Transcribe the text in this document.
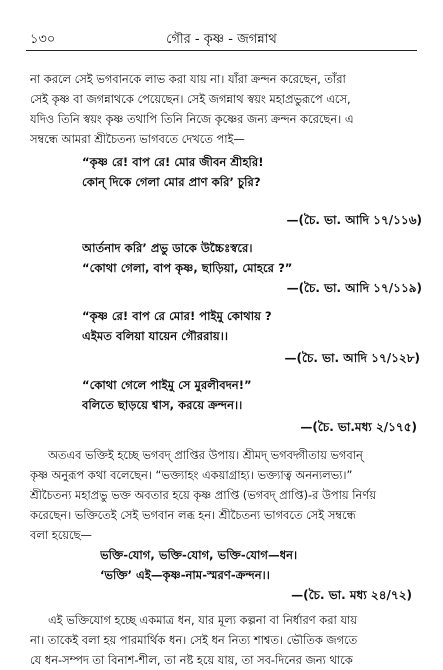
১৩০	গৌর - কৃষ্ণ - জগন্নাথ
না করলে সেই ভগবানকে লাভ করা যায় না। যাঁরা ক্রন্দন করেছেন, তাঁরা
সেই কৃষ্ণ বা জগন্নাথকে পেয়েছেন। সেই জগন্নাথ স্বয়ং মহাপ্রভুরূপে এসে,
যদিও তিনি স্বয়ং কৃষ্ণ তথাপি তিনি নিজে কৃষ্ণের জন্য ক্রন্দন করেছেন। এ
সম্বন্ধে আমরা শ্রীচৈতন্য ভাগবতে দেখতে পাই—
“কৃষ্ণ রে! বাপ রে! মোর জীবন শ্রীহরি!
কোন্ দিকে গেলা মোর প্রাণ করি’ চুরি?
—(চৈ. ভা. আদি ১৭/১১৬)
আর্তনাদ করি’ প্রভু ডাকে উচ্চৈঃস্বরে।
“কোথা গেলা, বাপ কৃষ্ণ, ছাড়িয়া, মোহরে ?”
—(চৈ. ভা. আদি ১৭/১১৯)
“কৃষ্ণ রে! বাপ রে মোর! পাইমু কোথায় ?
এইমত বলিয়া যায়েন গৌররায়।।
—(চৈ. ভা. আদি ১৭/১২৮)
“কোথা গেলে পাইমু সে মুরলীবদন!”
বলিতে ছাড়য়ে শ্বাস, করয়ে ক্রন্দন।।
—(চৈ. ভা.মধ্য ২/১৭৫)
অতএব ভক্তিই হচ্ছে ভগবদ্ প্রাপ্তির উপায়। শ্রীমদ্ ভগবদ্গীতায় ভগবান্
কৃষ্ণ অনুরূপ কথা বলেছেন। “ভক্ত্যাহং একয়াগ্রাহ্য। ভক্ত্যাত্ব অনন্যলভ্য।”
শ্রীচৈতন্য মহাপ্রভু ভক্ত অবতার হয়ে কৃষ্ণ প্রাপ্তি (ভগবদ্ প্রাপ্তি)-র উপায় নির্ণয়
করেছেন। ভক্তিতেই সেই ভগবান লব্ধ হন। শ্রীচৈতন্য ভাগবতে সেই সম্বন্ধে
বলা হয়েছে—
ভক্তি-যোগ, ভক্তি-যোগ, ভক্তি-যোগ—ধন।
‘ভক্তি’ এই—কৃষ্ণ-নাম-স্মরণ-ক্রন্দন।।
—(চৈ. ভা. মধ্য ২৪/৭২)
এই ভক্তিযোগ হচ্ছে একমাত্র ধন, যার মূল্য কল্পনা বা নির্ধারণ করা যায়
না। তাকেই বলা হয় পারমার্থিক ধন। সেই ধন নিত্য শাশ্বত। ভৌতিক জগতে
যে ধন-সম্পদ তা বিনাশ-শীল, তা নষ্ট হয়ে যায়, তা সব-দিনের জন্য থাকে
